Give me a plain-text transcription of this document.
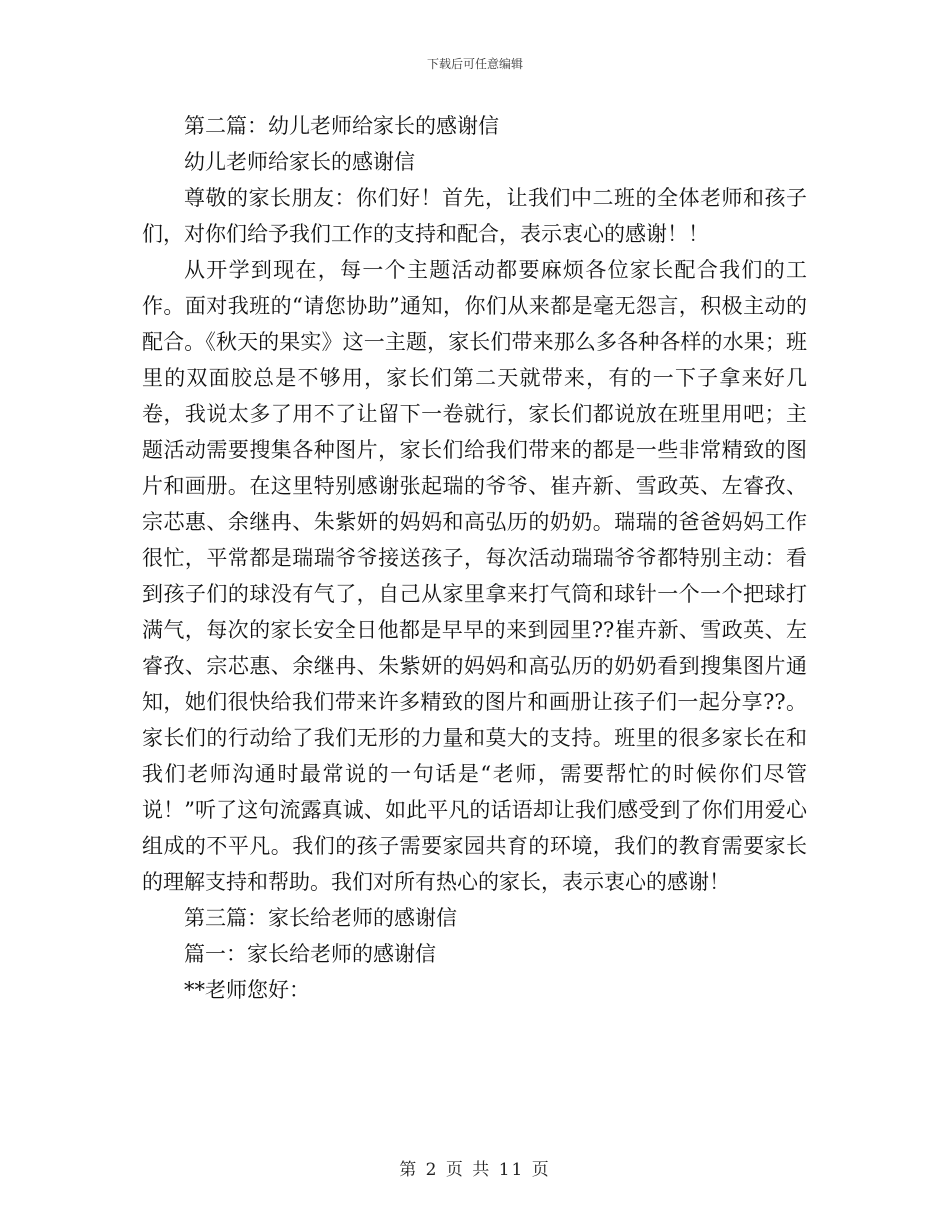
下载后可任意编辑
第二篇：幼儿老师给家长的感谢信
幼儿老师给家长的感谢信
尊敬的家长朋友：你们好！首先，让我们中二班的全体老师和孩子们，对你们给予我们工作的支持和配合，表示衷心的感谢！！
从开学到现在，每一个主题活动都要麻烦各位家长配合我们的工作。面对我班的“请您协助”通知，你们从来都是毫无怨言，积极主动的配合。《秋天的果实》这一主题，家长们带来那么多各种各样的水果；班里的双面胶总是不够用，家长们第二天就带来，有的一下子拿来好几卷，我说太多了用不了让留下一卷就行，家长们都说放在班里用吧；主题活动需要搜集各种图片，家长们给我们带来的都是一些非常精致的图片和画册。在这里特别感谢张起瑞的爷爷、崔卉新、雪政英、左睿孜、宗芯惠、余继冉、朱紫妍的妈妈和高弘历的奶奶。瑞瑞的爸爸妈妈工作很忙，平常都是瑞瑞爷爷接送孩子，每次活动瑞瑞爷爷都特别主动：看到孩子们的球没有气了，自己从家里拿来打气筒和球针一个一个把球打满气，每次的家长安全日他都是早早的来到园里??崔卉新、雪政英、左睿孜、宗芯惠、余继冉、朱紫妍的妈妈和高弘历的奶奶看到搜集图片通知，她们很快给我们带来许多精致的图片和画册让孩子们一起分享??。家长们的行动给了我们无形的力量和莫大的支持。班里的很多家长在和我们老师沟通时最常说的一句话是“老师，需要帮忙的时候你们尽管说！”听了这句流露真诚、如此平凡的话语却让我们感受到了你们用爱心组成的不平凡。我们的孩子需要家园共育的环境，我们的教育需要家长的理解支持和帮助。我们对所有热心的家长，表示衷心的感谢！
第三篇：家长给老师的感谢信
篇一：家长给老师的感谢信
**老师您好：
第 2 页 共 11 页
